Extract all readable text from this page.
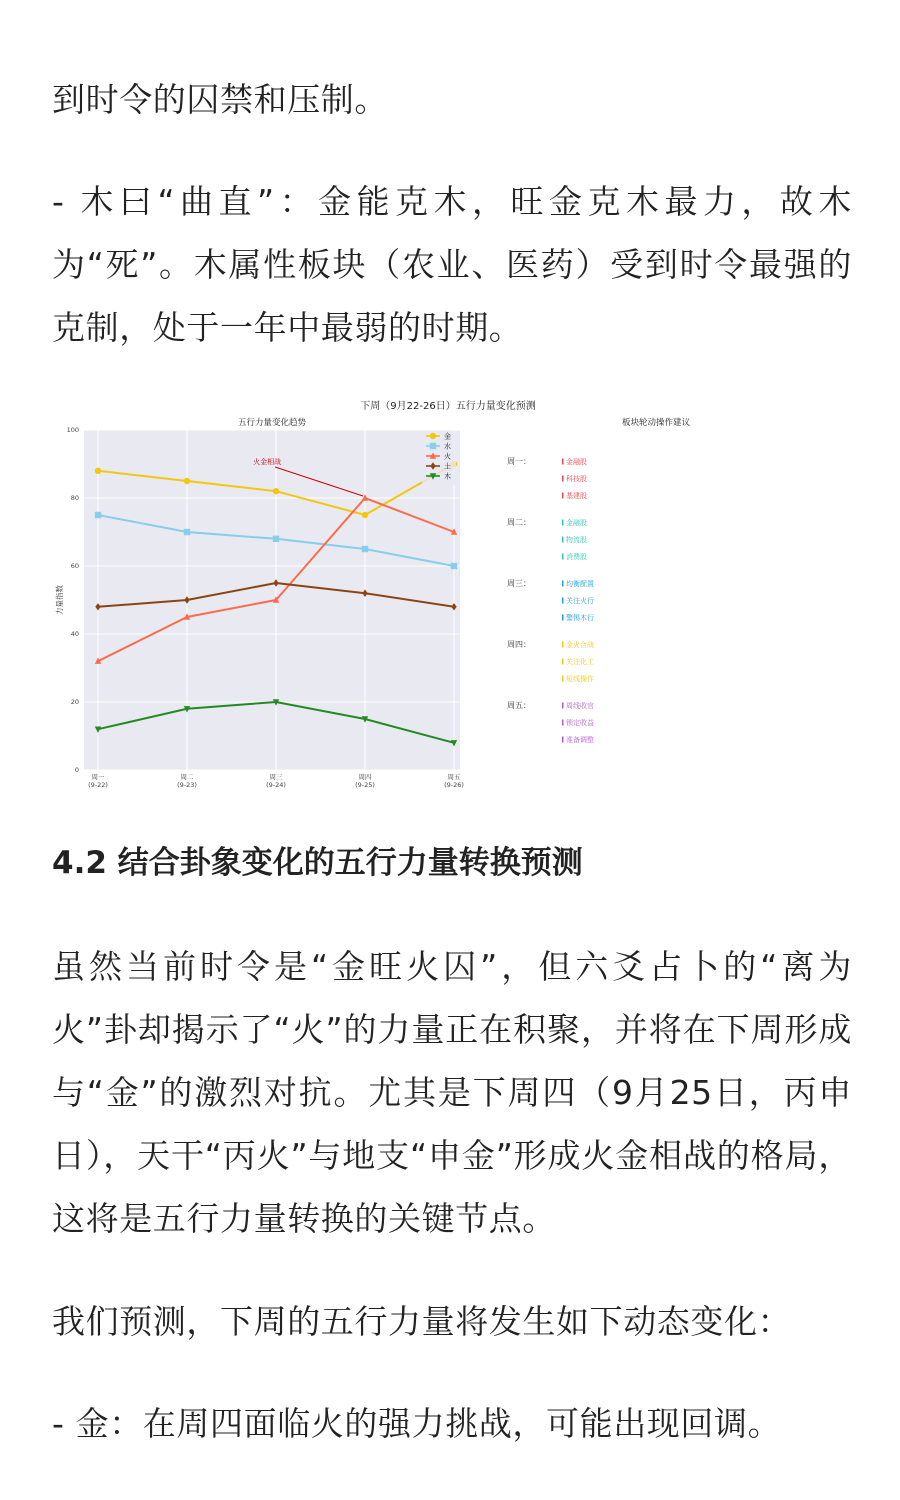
到时令的囚禁和压制。

- 木曰“曲直”：金能克木，旺金克木最力，故木为“死”。木属性板块（农业、医药）受到时令最强的克制，处于一年中最弱的时期。

下周（9月22-26日）五行力量变化预测
五行力量变化趋势	板块轮动操作建议
0
20
40
60
80
100
周一(9-22)
周二(9-23)
周三(9-24)
周四(9-25)
周五(9-26)
力量指数
火金相战
金
水
火
土
木
周一：	金融股
科技股
基建股
周二：	金融股
物流股
消费股
周三：	均衡配置
关注火行
警惕木行
周四：	金火合战
关注化工
短线操作
周五：	周线收官
锁定收益
准备调整
4.2 结合卦象变化的五行力量转换预测

虽然当前时令是“金旺火囚”，但六爻占卜的“离为火”卦却揭示了“火”的力量正在积聚，并将在下周形成与“金”的激烈对抗。尤其是下周四（9月25日，丙申日），天干“丙火”与地支“申金”形成火金相战的格局，这将是五行力量转换的关键节点。

我们预测，下周的五行力量将发生如下动态变化：

- 金：在周四面临火的强力挑战，可能出现回调。
